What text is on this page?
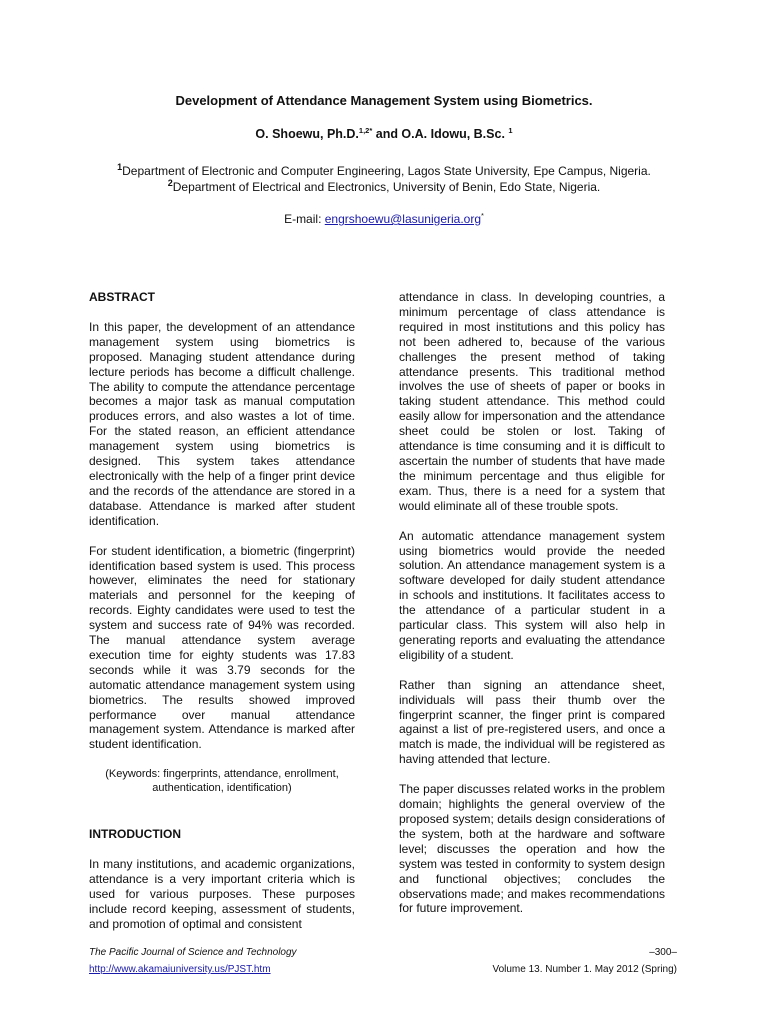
Development of Attendance Management System using Biometrics.
O. Shoewu, Ph.D.$^{1,2*}$ and O.A. Idowu, B.Sc. $^1$
$^1$Department of Electronic and Computer Engineering, Lagos State University, Epe Campus, Nigeria.
$^2$Department of Electrical and Electronics, University of Benin, Edo State, Nigeria.
E-mail: engrshoewu@lasunigeria.org*
ABSTRACT

In this paper, the development of an attendance management system using biometrics is proposed. Managing student attendance during lecture periods has become a difficult challenge. The ability to compute the attendance percentage becomes a major task as manual computation produces errors, and also wastes a lot of time. For the stated reason, an efficient attendance management system using biometrics is designed. This system takes attendance electronically with the help of a finger print device and the records of the attendance are stored in a database. Attendance is marked after student identification.

For student identification, a biometric (fingerprint) identification based system is used. This process however, eliminates the need for stationary materials and personnel for the keeping of records. Eighty candidates were used to test the system and success rate of 94% was recorded. The manual attendance system average execution time for eighty students was 17.83 seconds while it was 3.79 seconds for the automatic attendance management system using biometrics. The results showed improved performance over manual attendance management system. Attendance is marked after student identification.

(Keywords: fingerprints, attendance, enrollment,
authentication, identification)
INTRODUCTION

In many institutions, and academic organizations, attendance is a very important criteria which is used for various purposes. These purposes include record keeping, assessment of students, and promotion of optimal and consistent

attendance in class. In developing countries, a minimum percentage of class attendance is required in most institutions and this policy has not been adhered to, because of the various challenges the present method of taking attendance presents. This traditional method involves the use of sheets of paper or books in taking student attendance. This method could easily allow for impersonation and the attendance sheet could be stolen or lost. Taking of attendance is time consuming and it is difficult to ascertain the number of students that have made the minimum percentage and thus eligible for exam. Thus, there is a need for a system that would eliminate all of these trouble spots.

An automatic attendance management system using biometrics would provide the needed solution. An attendance management system is a software developed for daily student attendance in schools and institutions. It facilitates access to the attendance of a particular student in a particular class. This system will also help in generating reports and evaluating the attendance eligibility of a student.

Rather than signing an attendance sheet, individuals will pass their thumb over the fingerprint scanner, the finger print is compared against a list of pre-registered users, and once a match is made, the individual will be registered as having attended that lecture.

The paper discusses related works in the problem domain; highlights the general overview of the proposed system; details design considerations of the system, both at the hardware and software level; discusses the operation and how the system was tested in conformity to system design and functional objectives; concludes the observations made; and makes recommendations for future improvement.

The Pacific Journal of Science and Technology
http://www.akamaiuniversity.us/PJST.htm
–300–
Volume 13. Number 1. May 2012 (Spring)
